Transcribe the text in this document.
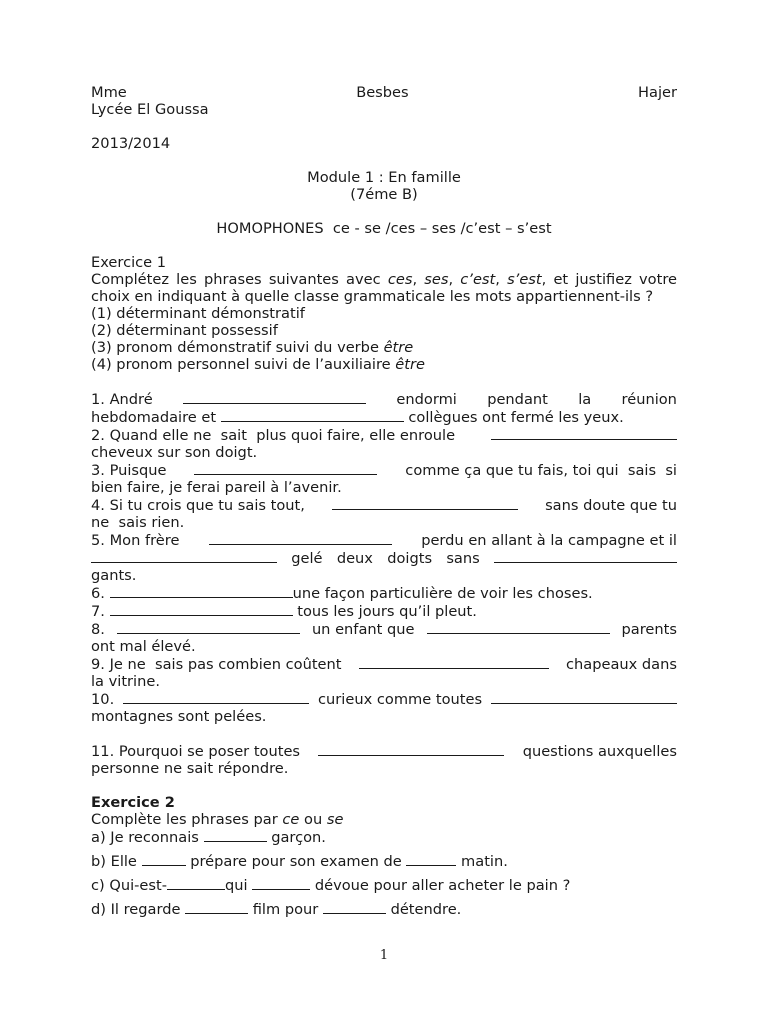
Mme	Besbes	Hajer
Lycée El Goussa
2013/2014
Module 1 : En famille
(7éme B)
HOMOPHONES  ce - se /ces – ses /c’est – s’est
Exercice 1
Complétez les phrases suivantes avec ces, ses, c’est, s’est, et justifiez votre choix en indiquant à quelle classe grammaticale les mots appartiennent-ils ?
(1) déterminant démonstratif
(2) déterminant possessif
(3) pronom démonstratif suivi du verbe être
(4) pronom personnel suivi de l’auxiliaire être
1. André	endormi pendant la réunion
hebdomadaire et	collègues ont fermé les yeux.
2. Quand elle ne  sait  plus quoi faire, elle enroule
cheveux sur son doigt.
3. Puisque	comme ça que tu fais, toi qui  sais  si
bien faire, je ferai pareil à l’avenir.
4. Si tu crois que tu sais tout,	sans doute que tu
ne  sais rien.
5. Mon frère	perdu en allant à la campagne et il
gelé deux doigts sans
gants.
6.	une façon particulière de voir les choses.
7.	tous les jours qu’il pleut.
8.	un enfant que	parents
ont mal élevé.
9. Je ne  sais pas combien coûtent	chapeaux dans
la vitrine.
10.	curieux comme toutes
montagnes sont pelées.
11. Pourquoi se poser toutes	questions auxquelles
personne ne sait répondre.
Exercice 2
Complète les phrases par ce ou se
a) Je reconnais	garçon.
b) Elle	prépare pour son examen de	matin.
c) Qui-est-	qui	dévoue pour aller acheter le pain ?
d) Il regarde	film pour	détendre.
1
